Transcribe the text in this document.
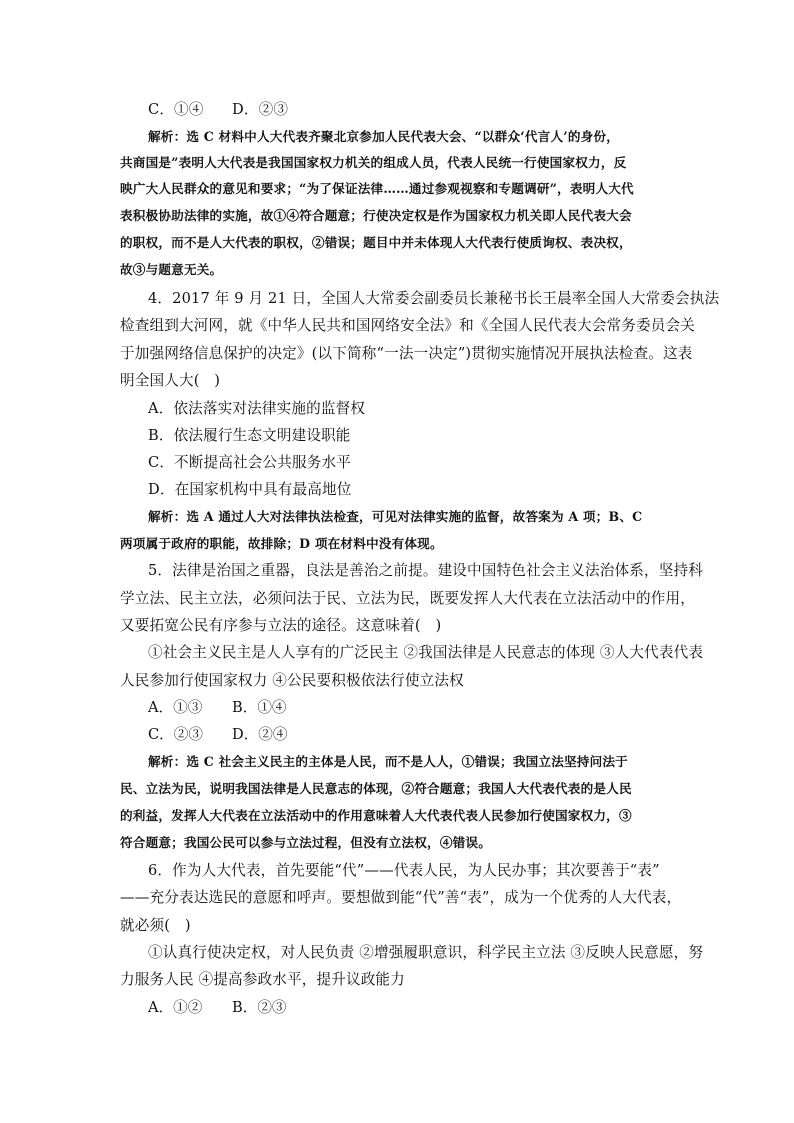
C．①④ D．②③
解析：选 C 材料中人大代表齐聚北京参加人民代表大会、“以群众‘代言人’的身份，
共商国是”表明人大代表是我国国家权力机关的组成人员，代表人民统一行使国家权力，反
映广大人民群众的意见和要求；“为了保证法律……通过参观视察和专题调研”，表明人大代
表积极协助法律的实施，故①④符合题意；行使决定权是作为国家权力机关即人民代表大会
的职权，而不是人大代表的职权，②错误；题目中并未体现人大代表行使质询权、表决权，
故③与题意无关。
4．2017 年 9 月 21 日，全国人大常委会副委员长兼秘书长王晨率全国人大常委会执法
检查组到大河网，就《中华人民共和国网络安全法》和《全国人民代表大会常务委员会关
于加强网络信息保护的决定》(以下简称“一法一决定”)贯彻实施情况开展执法检查。这表
明全国人大(　)
A．依法落实对法律实施的监督权
B．依法履行生态文明建设职能
C．不断提高社会公共服务水平
D．在国家机构中具有最高地位
解析：选 A 通过人大对法律执法检查，可见对法律实施的监督，故答案为 A 项；B、C
两项属于政府的职能，故排除；D 项在材料中没有体现。
5．法律是治国之重器，良法是善治之前提。建设中国特色社会主义法治体系，坚持科
学立法、民主立法，必须问法于民、立法为民，既要发挥人大代表在立法活动中的作用，
又要拓宽公民有序参与立法的途径。这意味着(　)
①社会主义民主是人人享有的广泛民主 ②我国法律是人民意志的体现 ③人大代表代表
人民参加行使国家权力 ④公民要积极依法行使立法权
A．①③ B．①④
C．②③ D．②④
解析：选 C 社会主义民主的主体是人民，而不是人人，①错误；我国立法坚持问法于
民、立法为民，说明我国法律是人民意志的体现，②符合题意；我国人大代表代表的是人民
的利益，发挥人大代表在立法活动中的作用意味着人大代表代表人民参加行使国家权力，③
符合题意；我国公民可以参与立法过程，但没有立法权，④错误。
6．作为人大代表，首先要能“代”——代表人民，为人民办事；其次要善于“表”
——充分表达选民的意愿和呼声。要想做到能“代”善“表”，成为一个优秀的人大代表，
就必须(　)
①认真行使决定权，对人民负责 ②增强履职意识，科学民主立法 ③反映人民意愿，努
力服务人民 ④提高参政水平，提升议政能力
A．①② B．②③
